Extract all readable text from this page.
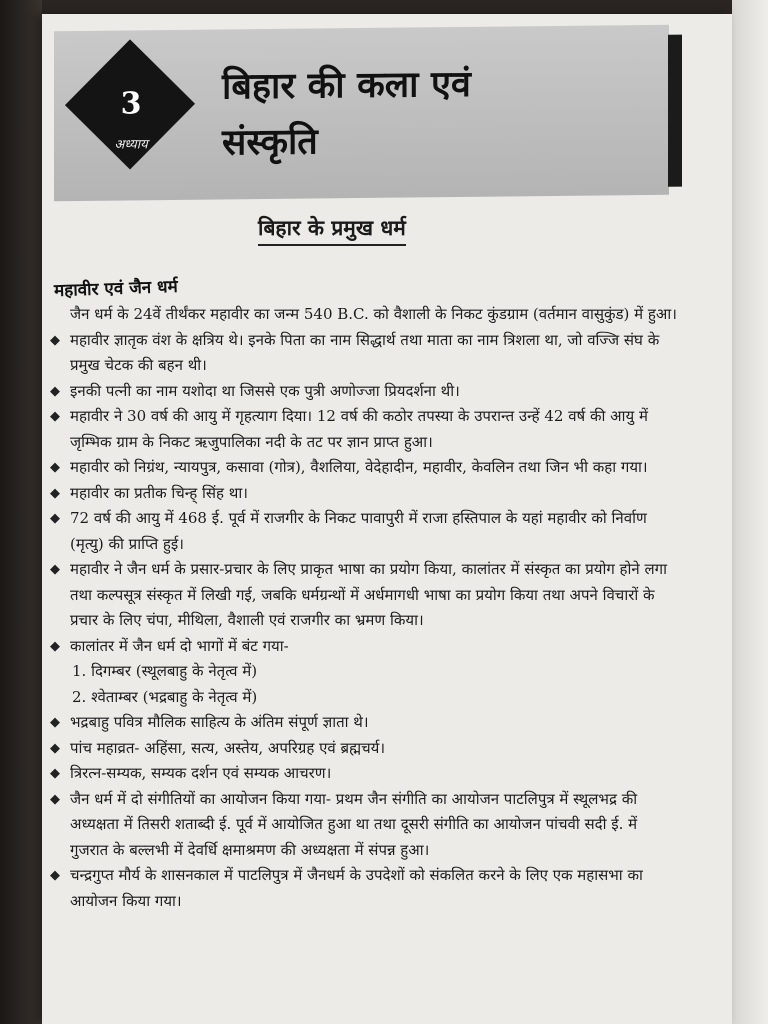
3
अध्याय
बिहार की कला एवं
संस्कृति
बिहार के प्रमुख धर्म
महावीर एवं जैन धर्म

जैन धर्म के 24वें तीर्थंकर महावीर का जन्म 540 B.C. को वैशाली के निकट कुंडग्राम (वर्तमान वासुकुंड) में हुआ।

◆ महावीर ज्ञातृक वंश के क्षत्रिय थे। इनके पिता का नाम सिद्धार्थ तथा माता का नाम त्रिशला था, जो वज्जि संघ के प्रमुख चेटक की बहन थी।
◆ इनकी पत्नी का नाम यशोदा था जिससे एक पुत्री अणोज्जा प्रियदर्शना थी।
◆ महावीर ने 30 वर्ष की आयु में गृहत्याग दिया। 12 वर्ष की कठोर तपस्या के उपरान्त उन्हें 42 वर्ष की आयु में जृम्भिक ग्राम के निकट ऋजुपालिका नदी के तट पर ज्ञान प्राप्त हुआ।
◆ महावीर को निग्रंथ, न्यायपुत्र, कसावा (गोत्र), वैशलिया, वेदेहादीन, महावीर, केवलिन तथा जिन भी कहा गया।
◆ महावीर का प्रतीक चिन्ह् सिंह था।
◆ 72 वर्ष की आयु में 468 ई. पूर्व में राजगीर के निकट पावापुरी में राजा हस्तिपाल के यहां महावीर को निर्वाण (मृत्यु) की प्राप्ति हुई।
◆ महावीर ने जैन धर्म के प्रसार-प्रचार के लिए प्राकृत भाषा का प्रयोग किया, कालांतर में संस्कृत का प्रयोग होने लगा तथा कल्पसूत्र संस्कृत में लिखी गई, जबकि धर्मग्रन्थों में अर्धमागधी भाषा का प्रयोग किया तथा अपने विचारों के प्रचार के लिए चंपा, मीथिला, वैशाली एवं राजगीर का भ्रमण किया।
◆ कालांतर में जैन धर्म दो भागों में बंट गया-
1. दिगम्बर (स्थूलबाहु के नेतृत्व में)
2. श्वेताम्बर (भद्रबाहु के नेतृत्व में)
◆ भद्रबाहु पवित्र मौलिक साहित्य के अंतिम संपूर्ण ज्ञाता थे।
◆ पांच महाव्रत- अहिंसा, सत्य, अस्तेय, अपरिग्रह एवं ब्रह्मचर्य।
◆ त्रिरत्न-सम्यक, सम्यक दर्शन एवं सम्यक आचरण।
◆ जैन धर्म में दो संगीतियों का आयोजन किया गया- प्रथम जैन संगीति का आयोजन पाटलिपुत्र में स्थूलभद्र की अध्यक्षता में तिसरी शताब्दी ई. पूर्व में आयोजित हुआ था तथा दूसरी संगीति का आयोजन पांचवी सदी ई. में गुजरात के बल्लभी में देवर्धि क्षमाश्रमण की अध्यक्षता में संपन्न हुआ।
◆ चन्द्रगुप्त मौर्य के शासनकाल में पाटलिपुत्र में जैनधर्म के उपदेशों को संकलित करने के लिए एक महासभा का आयोजन किया गया।
